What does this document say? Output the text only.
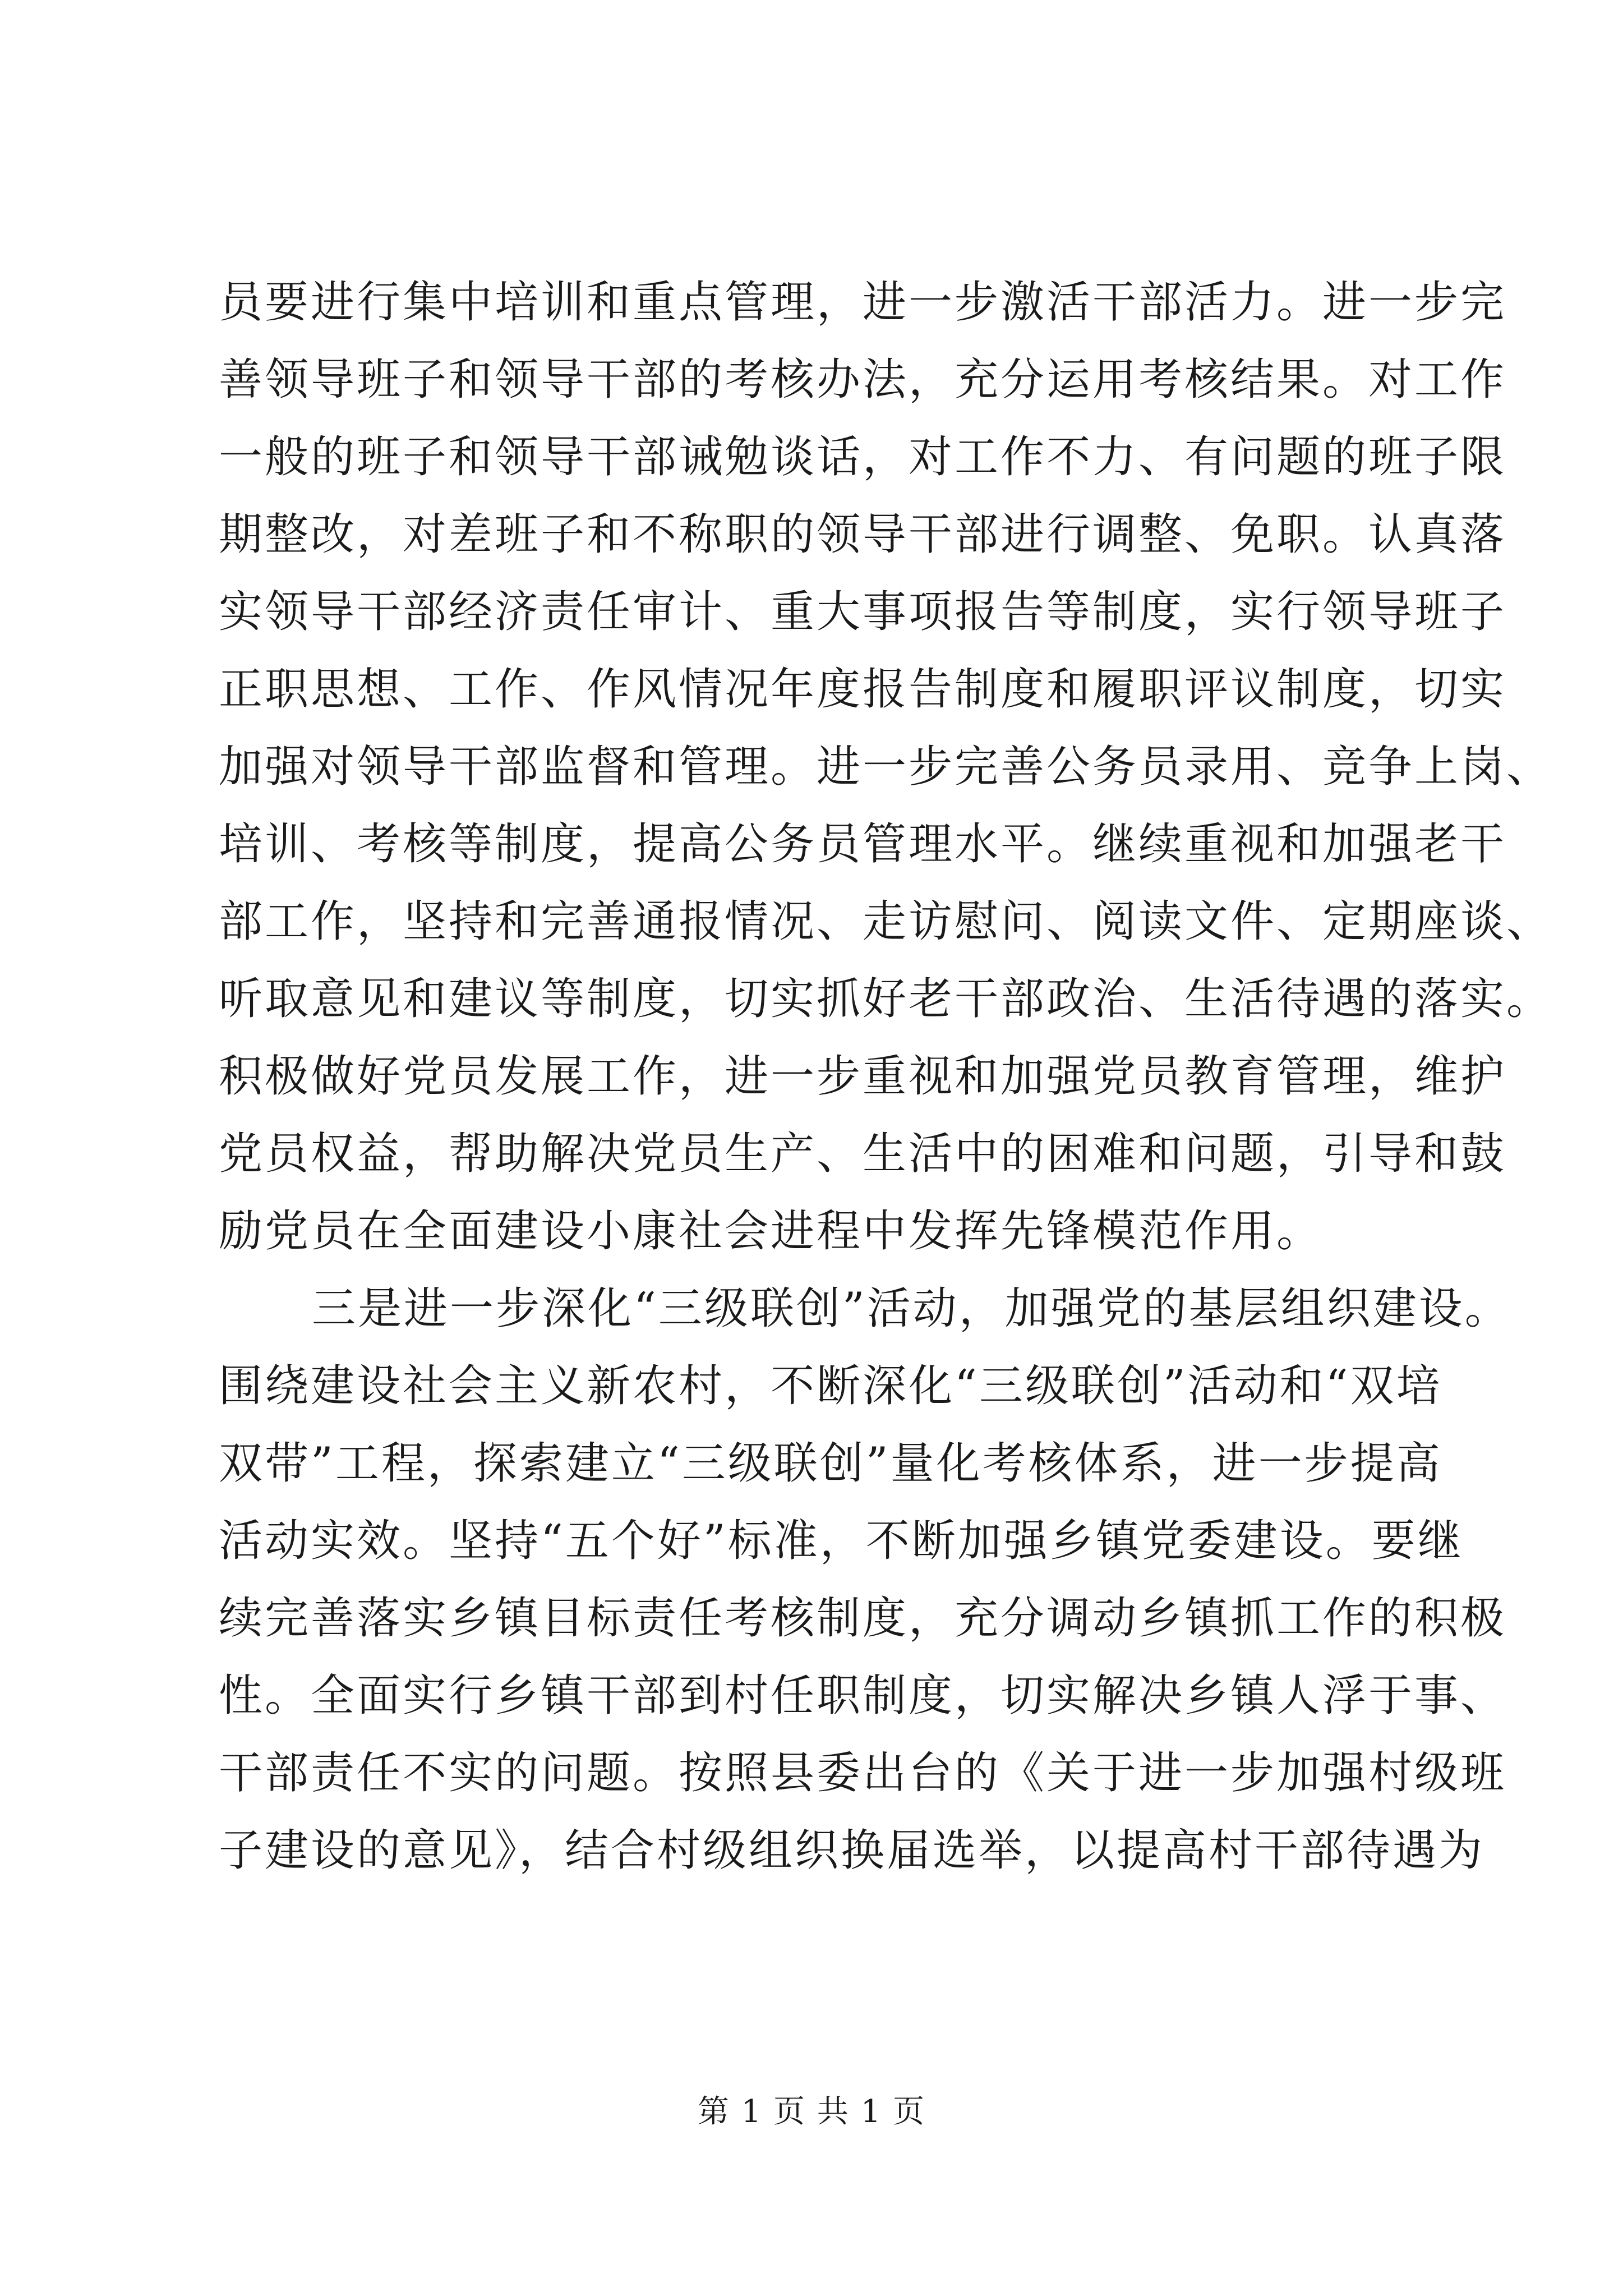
员要进行集中培训和重点管理，进一步激活干部活力。进一步完
善领导班子和领导干部的考核办法，充分运用考核结果。对工作
一般的班子和领导干部诫勉谈话，对工作不力、有问题的班子限
期整改，对差班子和不称职的领导干部进行调整、免职。认真落
实领导干部经济责任审计、重大事项报告等制度，实行领导班子
正职思想、工作、作风情况年度报告制度和履职评议制度，切实
加强对领导干部监督和管理。进一步完善公务员录用、竞争上岗、
培训、考核等制度，提高公务员管理水平。继续重视和加强老干
部工作，坚持和完善通报情况、走访慰问、阅读文件、定期座谈、
听取意见和建议等制度，切实抓好老干部政治、生活待遇的落实。
积极做好党员发展工作，进一步重视和加强党员教育管理，维护
党员权益，帮助解决党员生产、生活中的困难和问题，引导和鼓
励党员在全面建设小康社会进程中发挥先锋模范作用。
三是进一步深化“三级联创”活动，加强党的基层组织建设。
围绕建设社会主义新农村，不断深化“三级联创”活动和“双培
双带”工程，探索建立“三级联创”量化考核体系，进一步提高
活动实效。坚持“五个好”标准，不断加强乡镇党委建设。要继
续完善落实乡镇目标责任考核制度，充分调动乡镇抓工作的积极
性。全面实行乡镇干部到村任职制度，切实解决乡镇人浮于事、
干部责任不实的问题。按照县委出台的《关于进一步加强村级班
子建设的意见》，结合村级组织换届选举，以提高村干部待遇为
第 1 页 共 1 页
